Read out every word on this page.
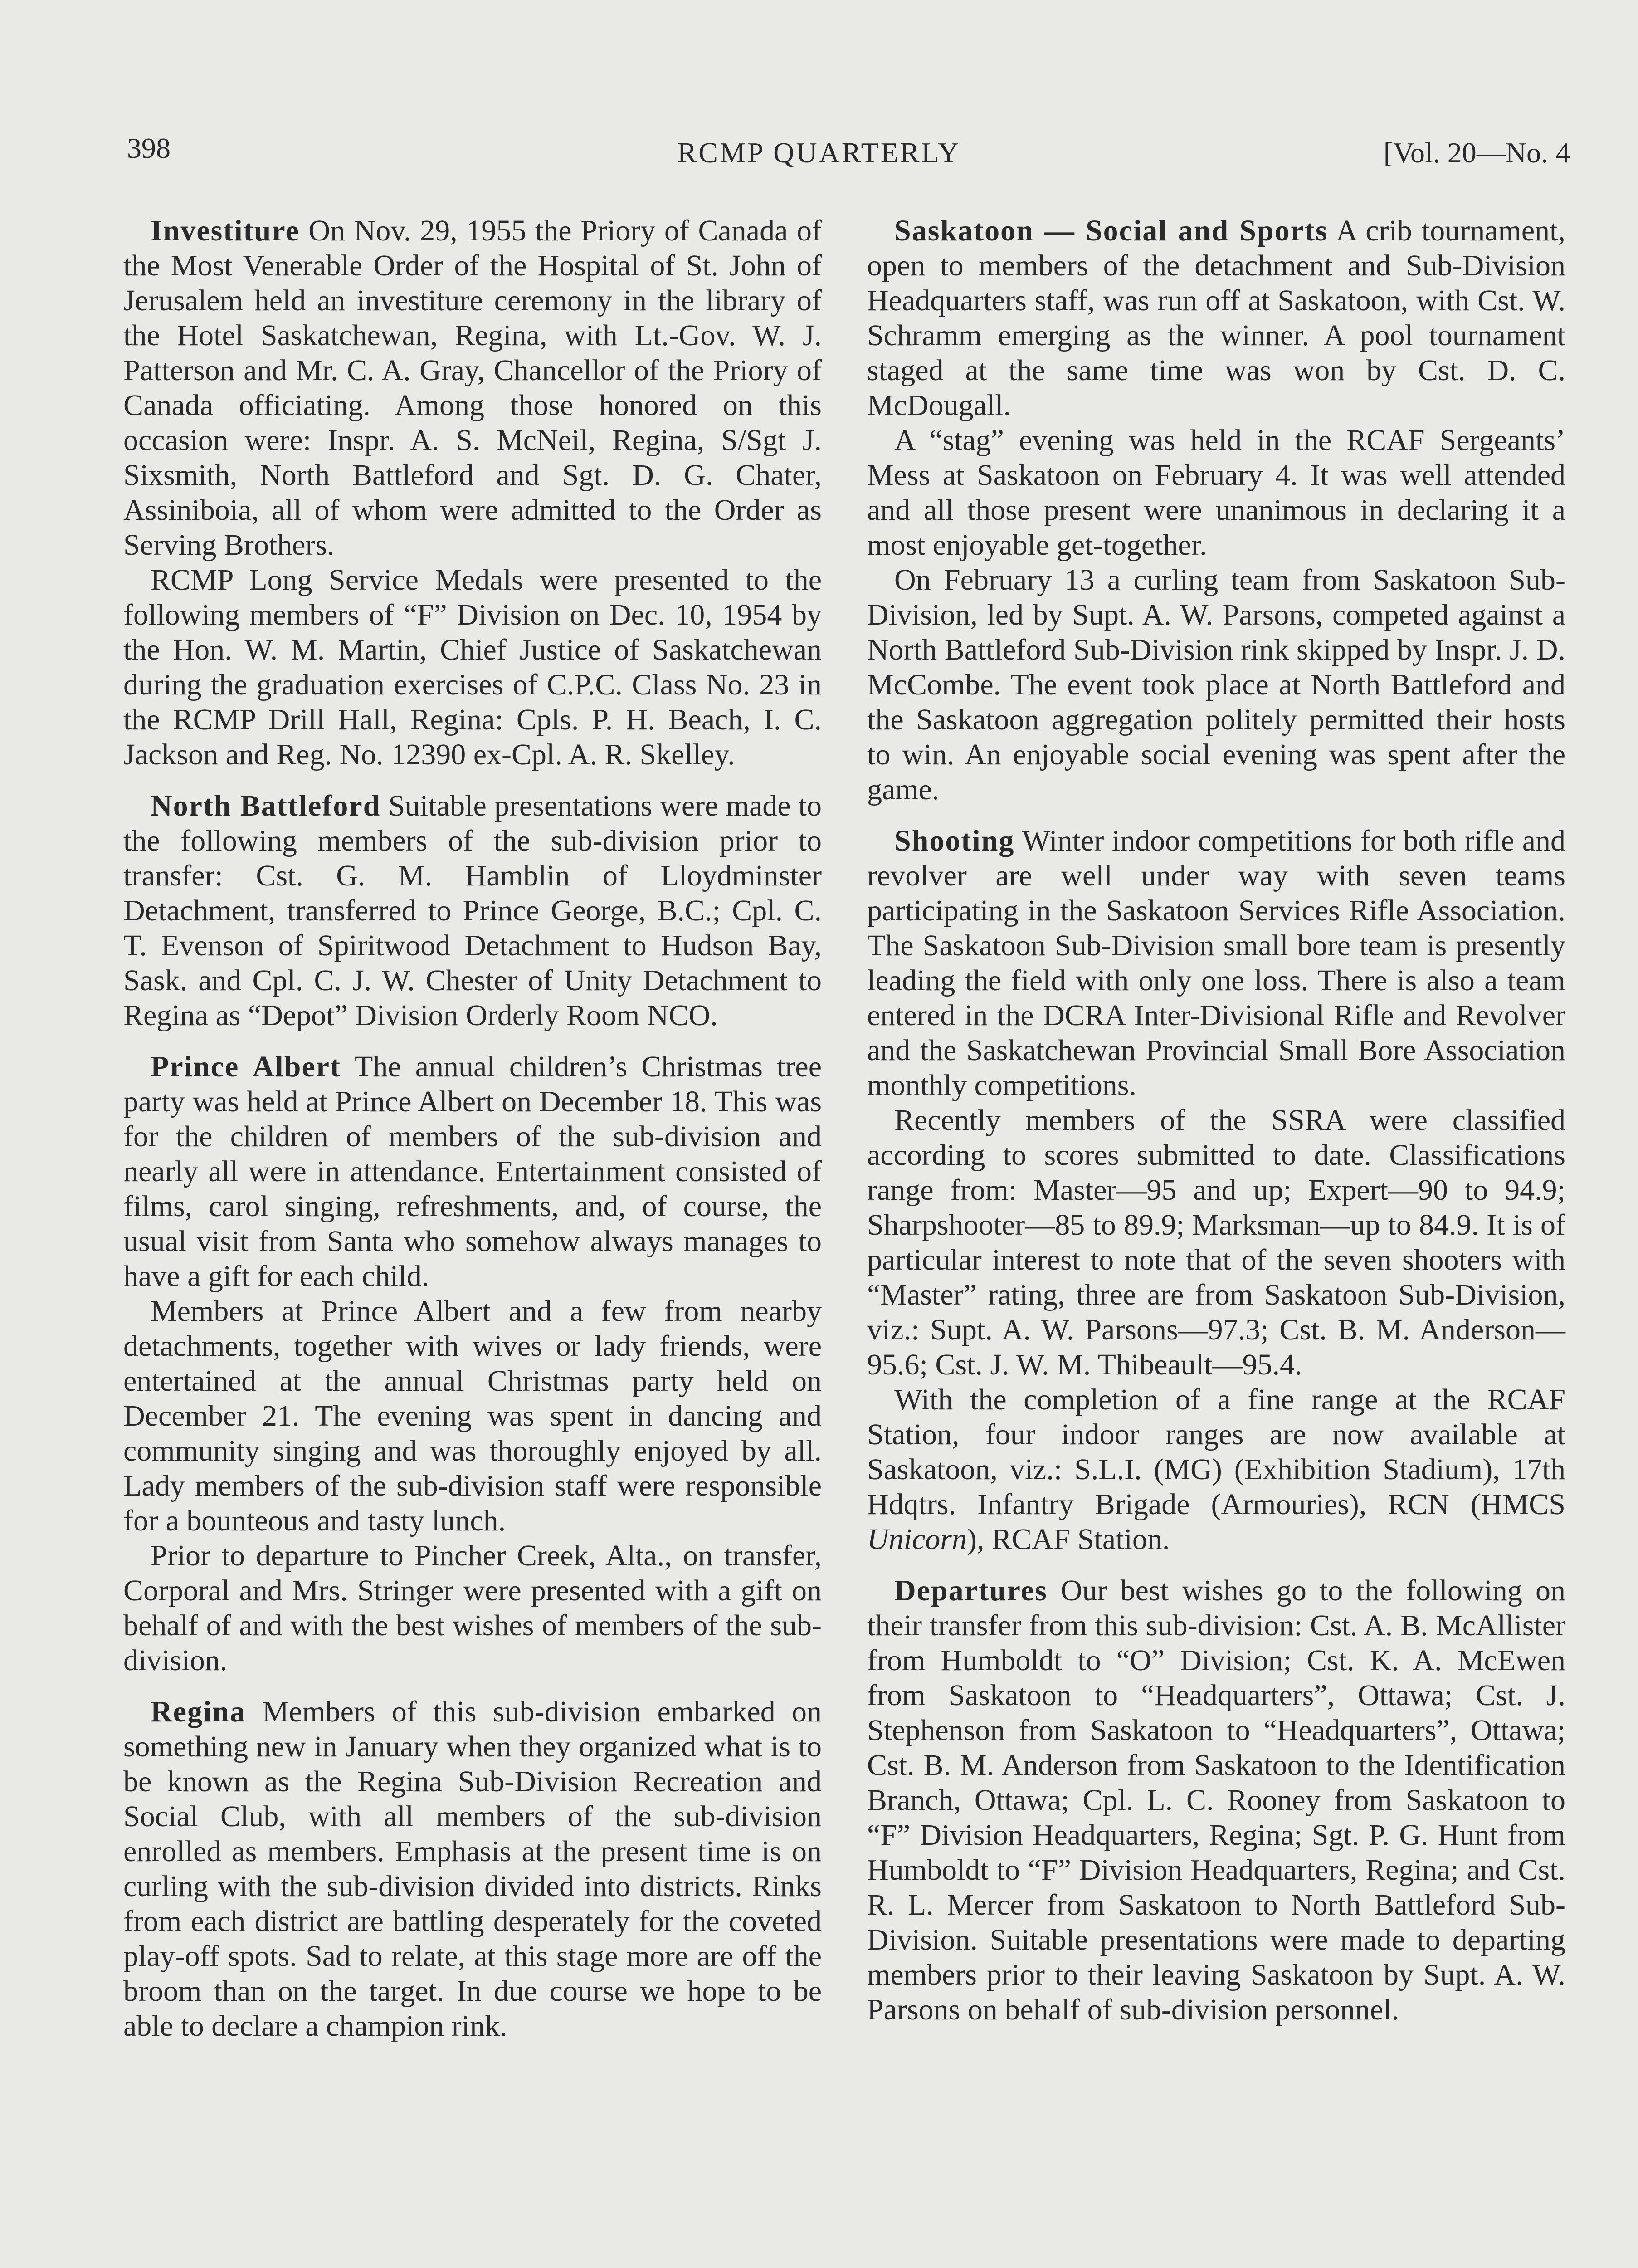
398	RCMP QUARTERLY	[Vol. 20—No. 4

Investiture On Nov. 29, 1955 the Priory of Canada of the Most Venerable Order of the Hospital of St. John of Jerusalem held an investiture ceremony in the library of the Hotel Saskatchewan, Regina, with Lt.-Gov. W. J. Patterson and Mr. C. A. Gray, Chancellor of the Priory of Canada officiating. Among those honored on this occasion were: Inspr. A. S. McNeil, Regina, S/Sgt J. Sixsmith, North Battleford and Sgt. D. G. Chater, Assiniboia, all of whom were admitted to the Order as Serving Brothers.

RCMP Long Service Medals were presented to the following members of “F” Division on Dec. 10, 1954 by the Hon. W. M. Martin, Chief Justice of Saskatchewan during the graduation exercises of C.P.C. Class No. 23 in the RCMP Drill Hall, Regina: Cpls. P. H. Beach, I. C. Jackson and Reg. No. 12390 ex-Cpl. A. R. Skelley.

North Battleford Suitable presentations were made to the following members of the sub-division prior to transfer: Cst. G. M. Hamblin of Lloydminster Detachment, transferred to Prince George, B.C.; Cpl. C. T. Evenson of Spiritwood Detachment to Hudson Bay, Sask. and Cpl. C. J. W. Chester of Unity Detachment to Regina as “Depot” Division Orderly Room NCO.

Prince Albert The annual children’s Christmas tree party was held at Prince Albert on December 18. This was for the children of members of the sub-division and nearly all were in attendance. Entertainment consisted of films, carol singing, refreshments, and, of course, the usual visit from Santa who somehow always manages to have a gift for each child.

Members at Prince Albert and a few from nearby detachments, together with wives or lady friends, were entertained at the annual Christmas party held on December 21. The evening was spent in dancing and community singing and was thoroughly enjoyed by all. Lady members of the sub-division staff were responsible for a bounteous and tasty lunch.

Prior to departure to Pincher Creek, Alta., on transfer, Corporal and Mrs. Stringer were presented with a gift on behalf of and with the best wishes of members of the sub-division.

Regina Members of this sub-division embarked on something new in January when they organized what is to be known as the Regina Sub-Division Recreation and Social Club, with all members of the sub-division enrolled as members. Emphasis at the present time is on curling with the sub-division divided into districts. Rinks from each district are battling desperately for the coveted play-off spots. Sad to relate, at this stage more are off the broom than on the target. In due course we hope to be able to declare a champion rink.

Saskatoon — Social and Sports A crib tournament, open to members of the detachment and Sub-Division Headquarters staff, was run off at Saskatoon, with Cst. W. Schramm emerging as the winner. A pool tournament staged at the same time was won by Cst. D. C. McDougall.

A “stag” evening was held in the RCAF Sergeants’ Mess at Saskatoon on February 4. It was well attended and all those present were unanimous in declaring it a most enjoyable get-together.

On February 13 a curling team from Saskatoon Sub-Division, led by Supt. A. W. Parsons, competed against a North Battleford Sub-Division rink skipped by Inspr. J. D. McCombe. The event took place at North Battleford and the Saskatoon aggregation politely permitted their hosts to win. An enjoyable social evening was spent after the game.

Shooting Winter indoor competitions for both rifle and revolver are well under way with seven teams participating in the Saskatoon Services Rifle Association. The Saskatoon Sub-Division small bore team is presently leading the field with only one loss. There is also a team entered in the DCRA Inter-Divisional Rifle and Revolver and the Saskatchewan Provincial Small Bore Association monthly competitions.

Recently members of the SSRA were classified according to scores submitted to date. Classifications range from: Master—95 and up; Expert—90 to 94.9; Sharpshooter—85 to 89.9; Marksman—up to 84.9. It is of particular interest to note that of the seven shooters with “Master” rating, three are from Saskatoon Sub-Division, viz.: Supt. A. W. Parsons—97.3; Cst. B. M. Anderson—95.6; Cst. J. W. M. Thibeault—95.4.

With the completion of a fine range at the RCAF Station, four indoor ranges are now available at Saskatoon, viz.: S.L.I. (MG) (Exhibition Stadium), 17th Hdqtrs. Infantry Brigade (Armouries), RCN (HMCS Unicorn), RCAF Station.

Departures Our best wishes go to the following on their transfer from this sub-division: Cst. A. B. McAllister from Humboldt to “O” Division; Cst. K. A. McEwen from Saskatoon to “Headquarters”, Ottawa; Cst. J. Stephenson from Saskatoon to “Headquarters”, Ottawa; Cst. B. M. Anderson from Saskatoon to the Identification Branch, Ottawa; Cpl. L. C. Rooney from Saskatoon to “F” Division Headquarters, Regina; Sgt. P. G. Hunt from Humboldt to “F” Division Headquarters, Regina; and Cst. R. L. Mercer from Saskatoon to North Battleford Sub-Division. Suitable presentations were made to departing members prior to their leaving Saskatoon by Supt. A. W. Parsons on behalf of sub-division personnel.
